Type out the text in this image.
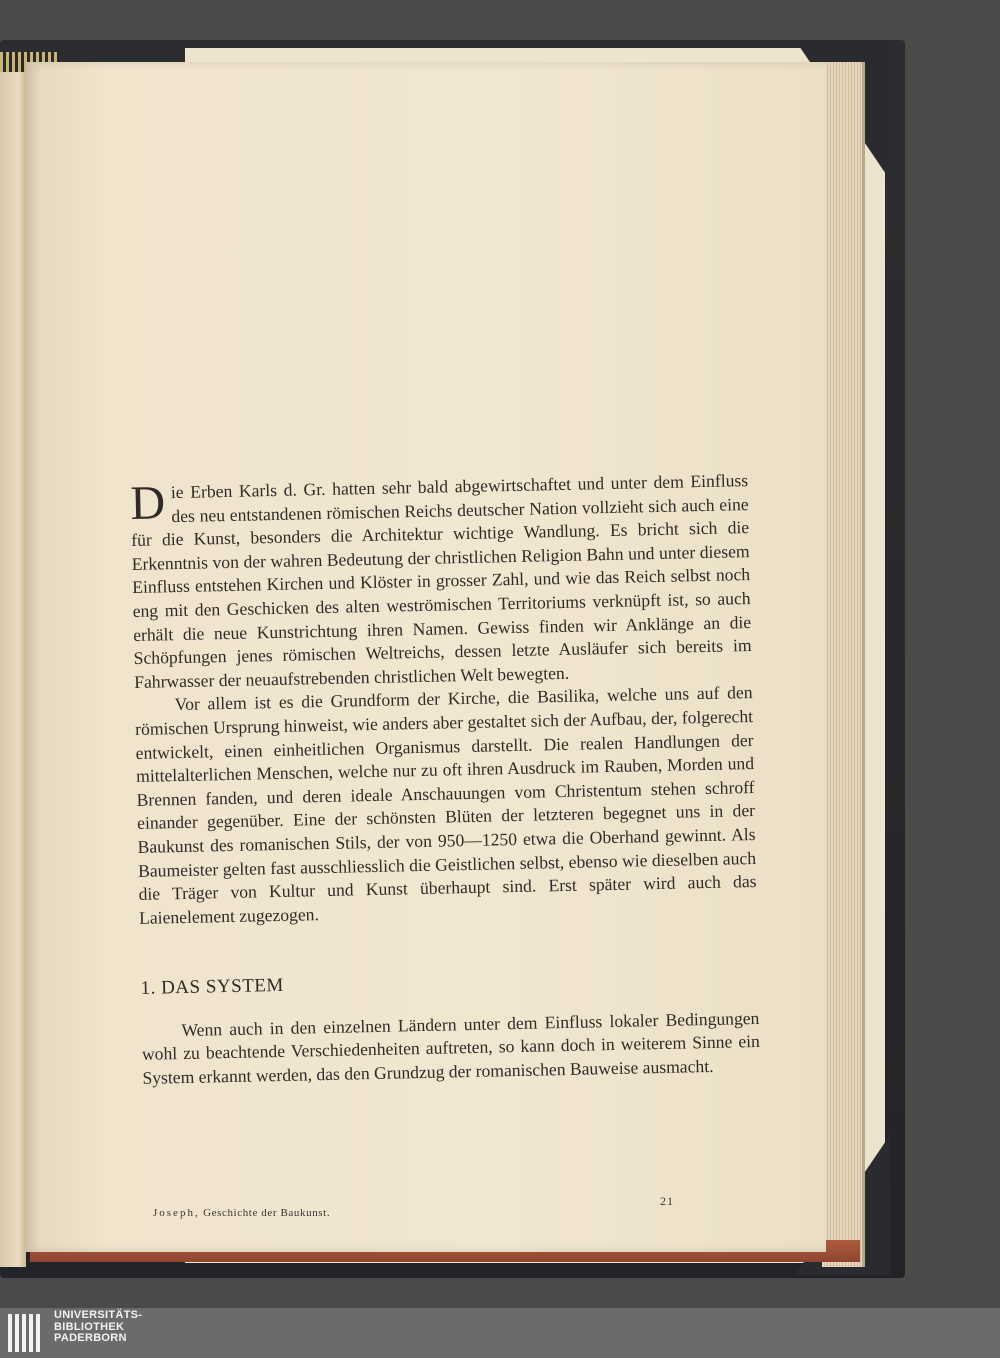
Die Erben Karls d. Gr. hatten sehr bald abgewirtschaftet und unter dem Einfluss des neu entstandenen römischen Reichs deutscher Nation vollzieht sich auch eine für die Kunst, besonders die Architektur wichtige Wandlung. Es bricht sich die Erkenntnis von der wahren Bedeutung der christlichen Religion Bahn und unter diesem Einfluss entstehen Kirchen und Klöster in grosser Zahl, und wie das Reich selbst noch eng mit den Geschicken des alten weströmischen Territoriums verknüpft ist, so auch erhält die neue Kunstrichtung ihren Namen. Gewiss finden wir Anklänge an die Schöpfungen jenes römischen Weltreichs, dessen letzte Ausläufer sich bereits im Fahrwasser der neuaufstrebenden christlichen Welt bewegten.

Vor allem ist es die Grundform der Kirche, die Basilika, welche uns auf den römischen Ursprung hinweist, wie anders aber gestaltet sich der Aufbau, der, folgerecht entwickelt, einen einheitlichen Organismus darstellt. Die realen Handlungen der mittelalterlichen Menschen, welche nur zu oft ihren Ausdruck im Rauben, Morden und Brennen fanden, und deren ideale Anschauungen vom Christentum stehen schroff einander gegenüber. Eine der schönsten Blüten der letzteren begegnet uns in der Baukunst des romanischen Stils, der von 950—1250 etwa die Oberhand gewinnt. Als Baumeister gelten fast ausschliesslich die Geistlichen selbst, ebenso wie dieselben auch die Träger von Kultur und Kunst überhaupt sind. Erst später wird auch das Laienelement zugezogen.

1. DAS SYSTEM

Wenn auch in den einzelnen Ländern unter dem Einfluss lokaler Bedingungen wohl zu beachtende Verschiedenheiten auftreten, so kann doch in weiterem Sinne ein System erkannt werden, das den Grundzug der romanischen Bauweise ausmacht.

21
Joseph, Geschichte der Baukunst.
UNIVERSITÄTS-
BIBLIOTHEK
PADERBORN
